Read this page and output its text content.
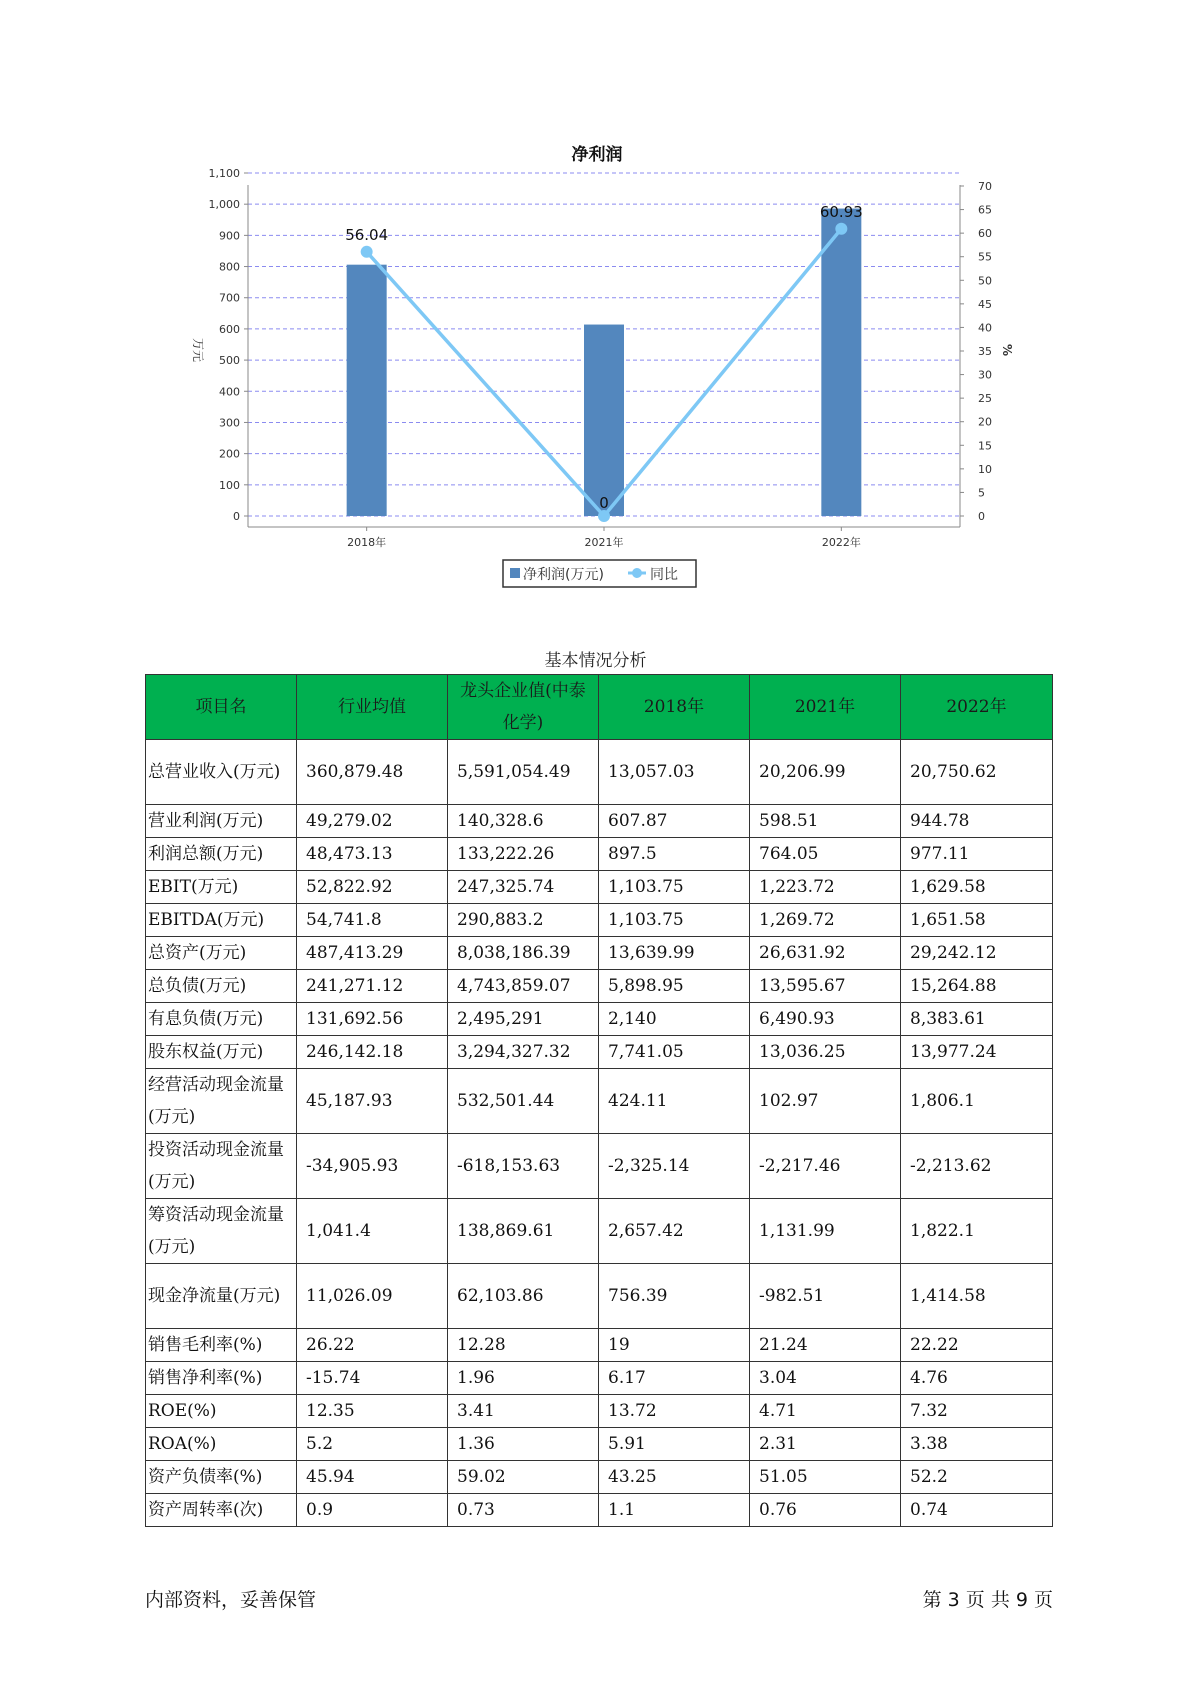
净利润
0
100
200
300
400
500
600
700
800
900
1,000
1,100
0
5
10
15
20
25
30
35
40
45
50
55
60
65
70
56.04
0
60.93
2018年	2021年	2022年
万元	%
净利润(万元)	同比
基本情况分析
项目名	行业均值	龙头企业值(中泰化学)	2018年	2021年	2022年
总营业收入(万元)	360,879.48	5,591,054.49	13,057.03	20,206.99	20,750.62
营业利润(万元)	49,279.02	140,328.6	607.87	598.51	944.78
利润总额(万元)	48,473.13	133,222.26	897.5	764.05	977.11
EBIT(万元)	52,822.92	247,325.74	1,103.75	1,223.72	1,629.58
EBITDA(万元)	54,741.8	290,883.2	1,103.75	1,269.72	1,651.58
总资产(万元)	487,413.29	8,038,186.39	13,639.99	26,631.92	29,242.12
总负债(万元)	241,271.12	4,743,859.07	5,898.95	13,595.67	15,264.88
有息负债(万元)	131,692.56	2,495,291	2,140	6,490.93	8,383.61
股东权益(万元)	246,142.18	3,294,327.32	7,741.05	13,036.25	13,977.24
经营活动现金流量(万元)	45,187.93	532,501.44	424.11	102.97	1,806.1
投资活动现金流量(万元)	-34,905.93	-618,153.63	-2,325.14	-2,217.46	-2,213.62
筹资活动现金流量(万元)	1,041.4	138,869.61	2,657.42	1,131.99	1,822.1
现金净流量(万元)	11,026.09	62,103.86	756.39	-982.51	1,414.58
销售毛利率(%)	26.22	12.28	19	21.24	22.22
销售净利率(%)	-15.74	1.96	6.17	3.04	4.76
ROE(%)	12.35	3.41	13.72	4.71	7.32
ROA(%)	5.2	1.36	5.91	2.31	3.38
资产负债率(%)	45.94	59.02	43.25	51.05	52.2
资产周转率(次)	0.9	0.73	1.1	0.76	0.74
内部资料，妥善保管	第 3 页 共 9 页
